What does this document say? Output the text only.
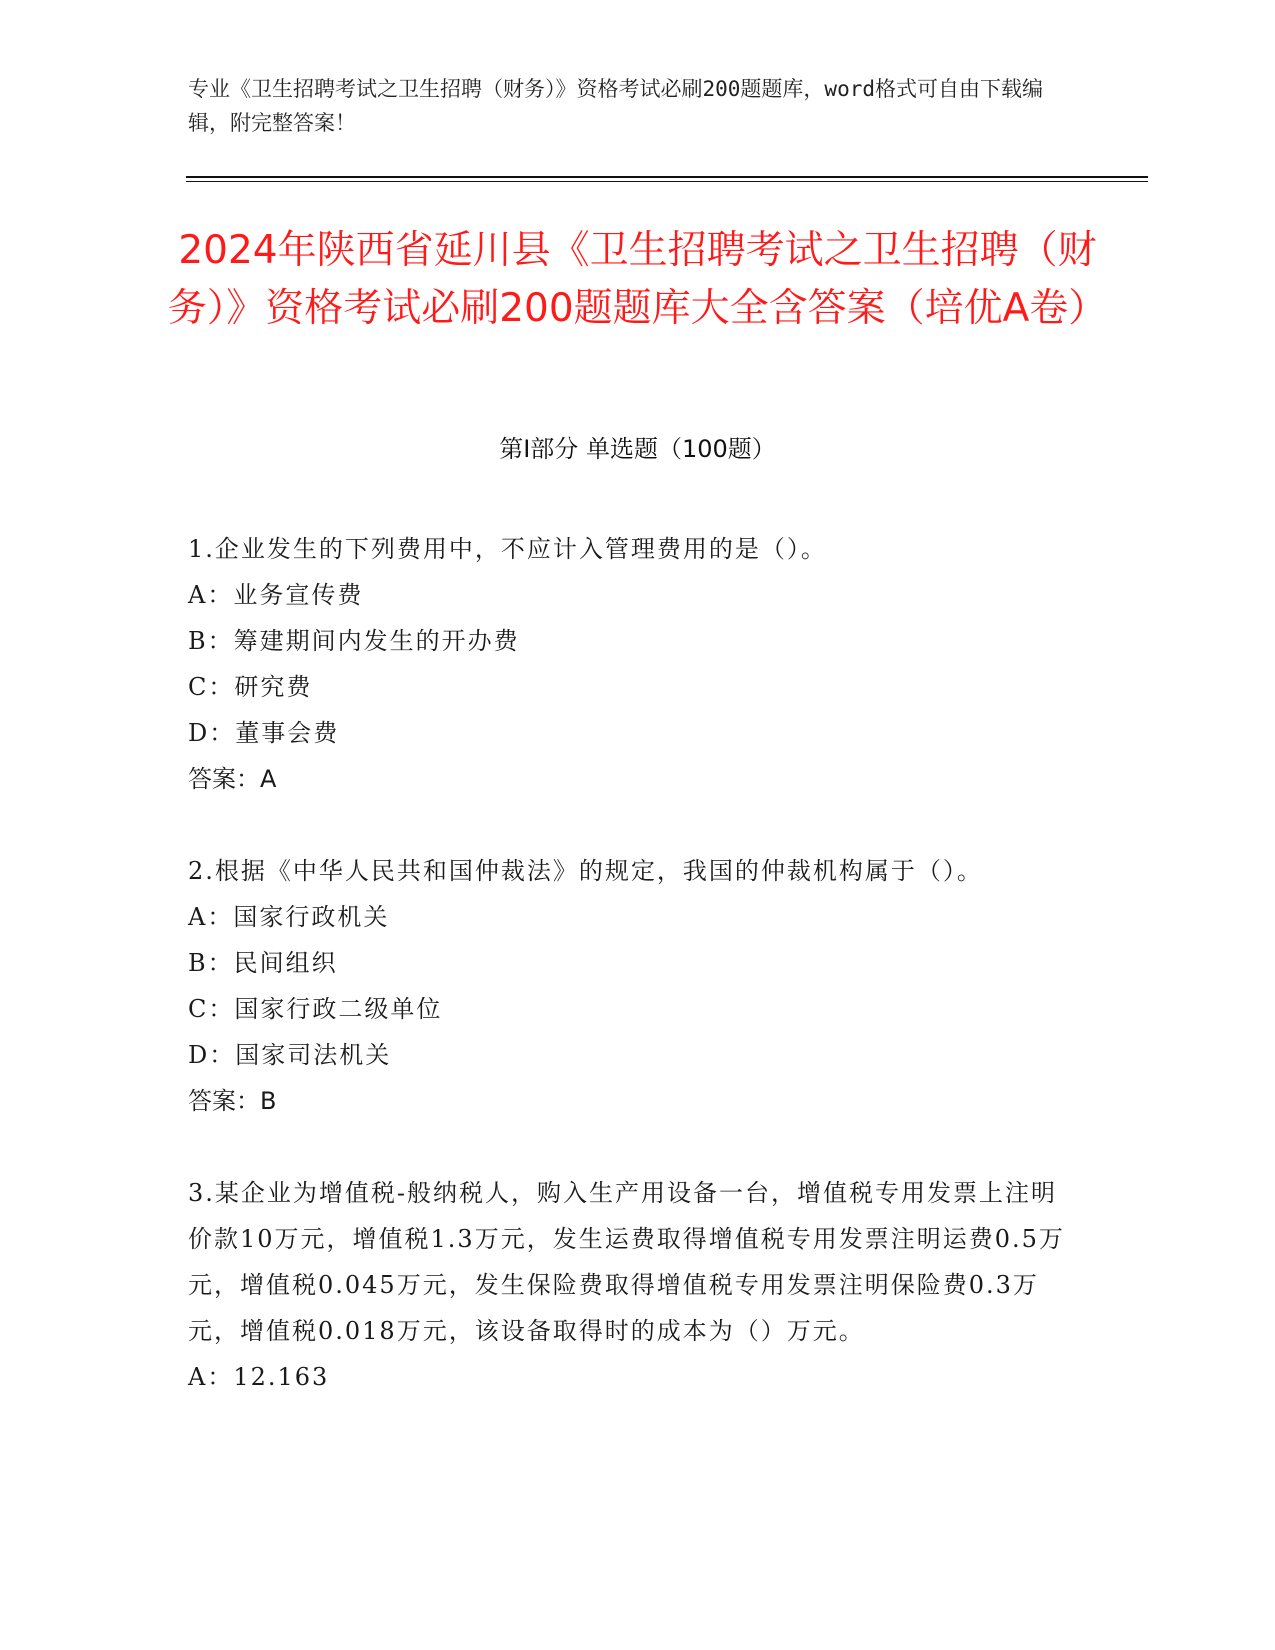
专业《卫生招聘考试之卫生招聘（财务）》资格考试必刷200题题库，word格式可自由下载编辑，附完整答案！
2024年陕西省延川县《卫生招聘考试之卫生招聘（财务）》资格考试必刷200题题库大全含答案（培优A卷）
第I部分 单选题（100题）

1.企业发生的下列费用中，不应计入管理费用的是（）。

A：业务宣传费

B：筹建期间内发生的开办费

C：研究费

D：董事会费

答案：A

2.根据《中华人民共和国仲裁法》的规定，我国的仲裁机构属于（）。

A：国家行政机关

B：民间组织

C：国家行政二级单位

D：国家司法机关

答案：B

3.某企业为增值税-般纳税人，购入生产用设备一台，增值税专用发票上注明价款10万元，增值税1.3万元，发生运费取得增值税专用发票注明运费0.5万元，增值税0.045万元，发生保险费取得增值税专用发票注明保险费0.3万元，增值税0.018万元，该设备取得时的成本为（）万元。

A：12.163
